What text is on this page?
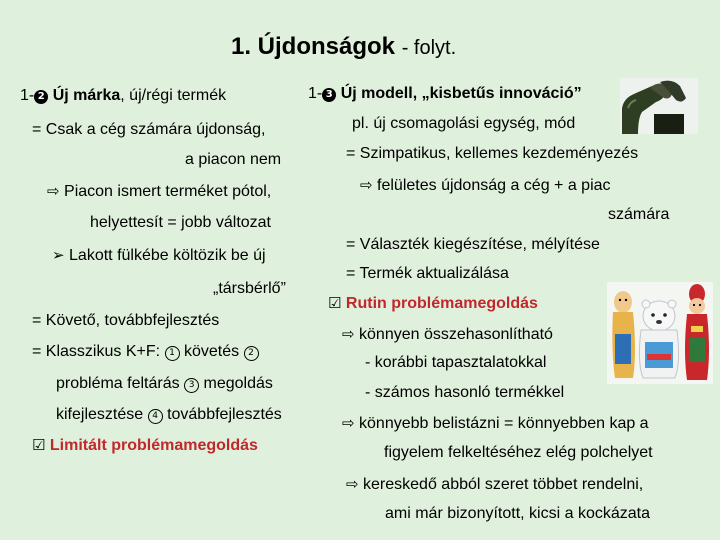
1. Újdonságok - folyt.
1- 2 Új márka, új/régi termék
= Csak a cég számára újdonság,
a piacon nem
⇨ Piacon ismert terméket pótol,
helyettesít = jobb változat
➢ Lakott fülkébe költözik be új
„társbérlő”
= Követő, továbbfejlesztés
= Klasszikus K+F: 1 követés 2
probléma feltárás 3 megoldás
kifejlesztése 4 továbbfejlesztés
☑ Limitált problémamegoldás
1- 3 Új modell, „kisbetűs innováció”
pl. új csomagolási egység, mód
= Szimpatikus, kellemes kezdeményezés
⇨ felületes újdonság a cég + a piac
számára
= Választék kiegészítése, mélyítése
= Termék aktualizálása
☑ Rutin problémamegoldás
⇨ könnyen összehasonlítható
- korábbi tapasztalatokkal
- számos hasonló termékkel
⇨ könnyebb belistázni = könnyebben kap a
figyelem felkeltéséhez elég polchelyet
⇨ kereskedő abból szeret többet rendelni,
ami már bizonyított, kicsi a kockázata
